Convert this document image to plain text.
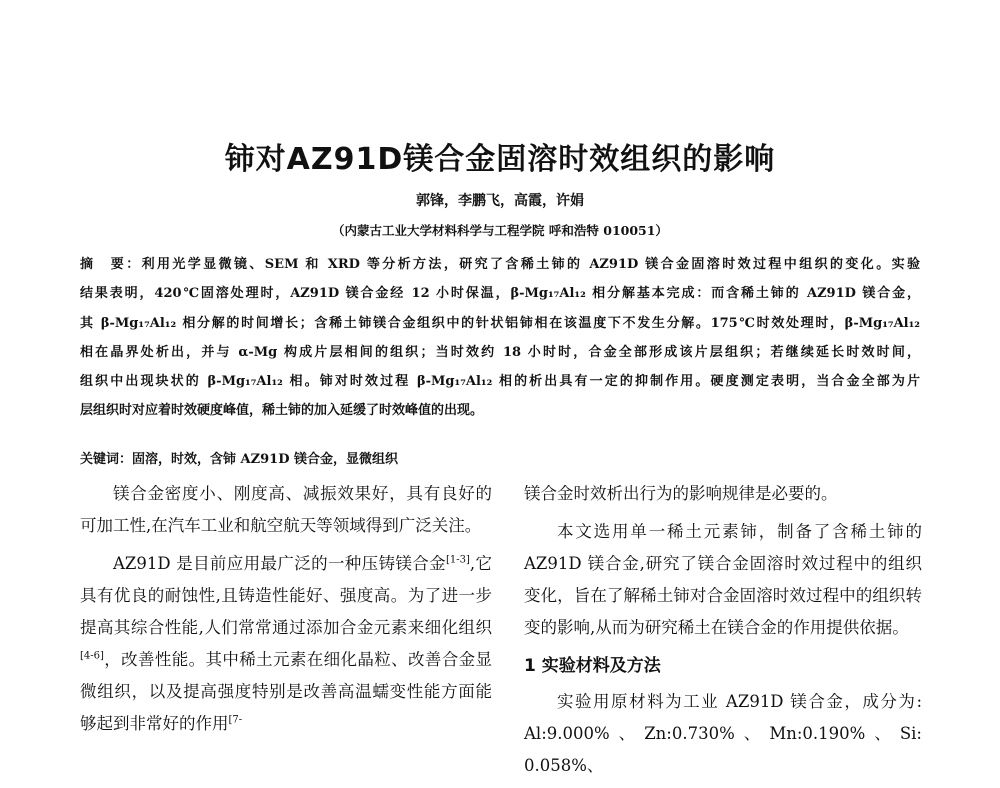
铈对AZ91D镁合金固溶时效组织的影响
郭锋，李鹏飞，高霞，许娟
（内蒙古工业大学材料科学与工程学院 呼和浩特 010051）
摘　要：利用光学显微镜、SEM 和 XRD 等分析方法，研究了含稀土铈的 AZ91D 镁合金固溶时效过程中组织的变化。实验
结果表明，420℃固溶处理时，AZ91D 镁合金经 12 小时保温，β-Mg₁₇Al₁₂ 相分解基本完成：而含稀土铈的 AZ91D 镁合金，
其 β-Mg₁₇Al₁₂ 相分解的时间增长；含稀土铈镁合金组织中的针状铝铈相在该温度下不发生分解。175℃时效处理时，β-Mg₁₇Al₁₂
相在晶界处析出，并与 α-Mg 构成片层相间的组织；当时效约 18 小时时，合金全部形成该片层组织；若继续延长时效时间，
组织中出现块状的 β-Mg₁₇Al₁₂ 相。铈对时效过程 β-Mg₁₇Al₁₂ 相的析出具有一定的抑制作用。硬度测定表明，当合金全部为片
层组织时对应着时效硬度峰值，稀土铈的加入延缓了时效峰值的出现。
关键词：固溶，时效，含铈 AZ91D 镁合金，显微组织

镁合金密度小、刚度高、减振效果好，具有良好的可加工性,在汽车工业和航空航天等领域得到广泛关注。

AZ91D 是目前应用最广泛的一种压铸镁合金[1-3],它具有优良的耐蚀性,且铸造性能好、强度高。为了进一步提高其综合性能,人们常常通过添加合金元素来细化组织[4-6]，改善性能。其中稀土元素在细化晶粒、改善合金显微组织，以及提高强度特别是改善高温蠕变性能方面能够起到非常好的作用$^{[7-}$

镁合金时效析出行为的影响规律是必要的。

本文选用单一稀土元素铈，制备了含稀土铈的 AZ91D 镁合金,研究了镁合金固溶时效过程中的组织变化，旨在了解稀土铈对合金固溶时效过程中的组织转变的影响,从而为研究稀土在镁合金的作用提供依据。

1 实验材料及方法

实验用原材料为工业 AZ91D 镁合金，成分为: Al:9.000%、Zn:0.730%、Mn:0.190%、Si: 0.058%、
